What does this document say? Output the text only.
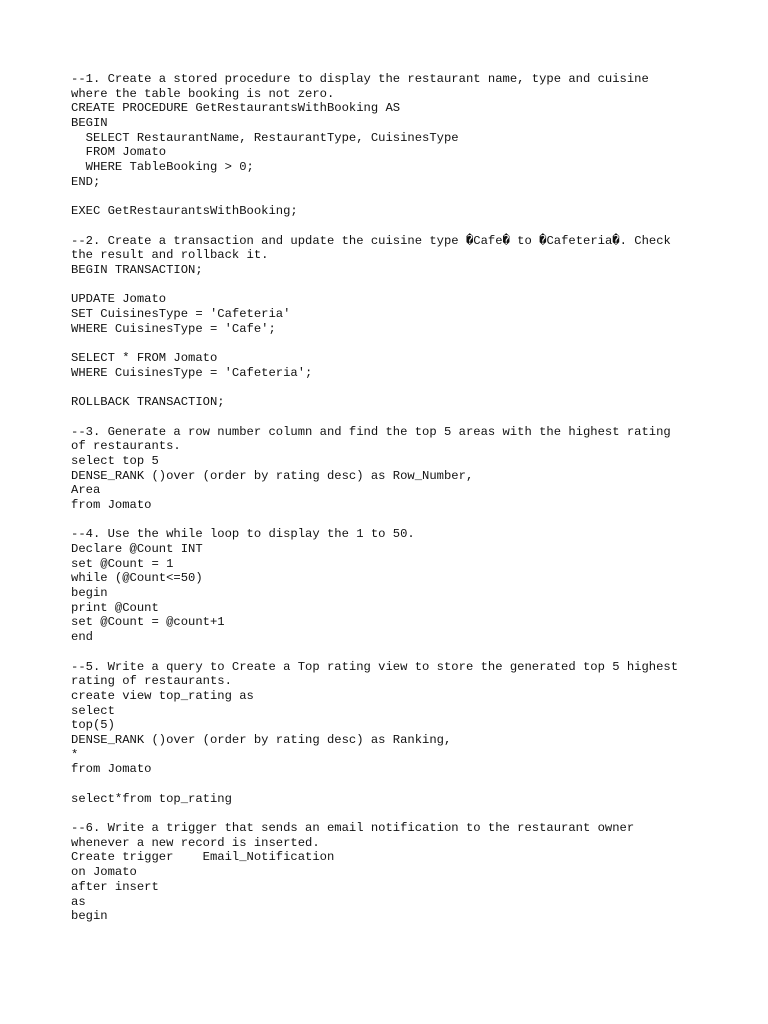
--1. Create a stored procedure to display the restaurant name, type and cuisine
where the table booking is not zero.
CREATE PROCEDURE GetRestaurantsWithBooking AS
BEGIN
SELECT RestaurantName, RestaurantType, CuisinesType
FROM Jomato
WHERE TableBooking > 0;
END;
EXEC GetRestaurantsWithBooking;
--2. Create a transaction and update the cuisine type �Cafe� to �Cafeteria�. Check
the result and rollback it.
BEGIN TRANSACTION;
UPDATE Jomato
SET CuisinesType = 'Cafeteria'
WHERE CuisinesType = 'Cafe';
SELECT * FROM Jomato
WHERE CuisinesType = 'Cafeteria';
ROLLBACK TRANSACTION;
--3. Generate a row number column and find the top 5 areas with the highest rating
of restaurants.
select top 5
DENSE_RANK ()over (order by rating desc) as Row_Number,
Area
from Jomato
--4. Use the while loop to display the 1 to 50.
Declare @Count INT
set @Count = 1
while (@Count<=50)
begin
print @Count
set @Count = @count+1
end
--5. Write a query to Create a Top rating view to store the generated top 5 highest
rating of restaurants.
create view top_rating as
select
top(5)
DENSE_RANK ()over (order by rating desc) as Ranking,
*
from Jomato
select*from top_rating
--6. Write a trigger that sends an email notification to the restaurant owner
whenever a new record is inserted.
Create trigger    Email_Notification
on Jomato
after insert
as
begin
